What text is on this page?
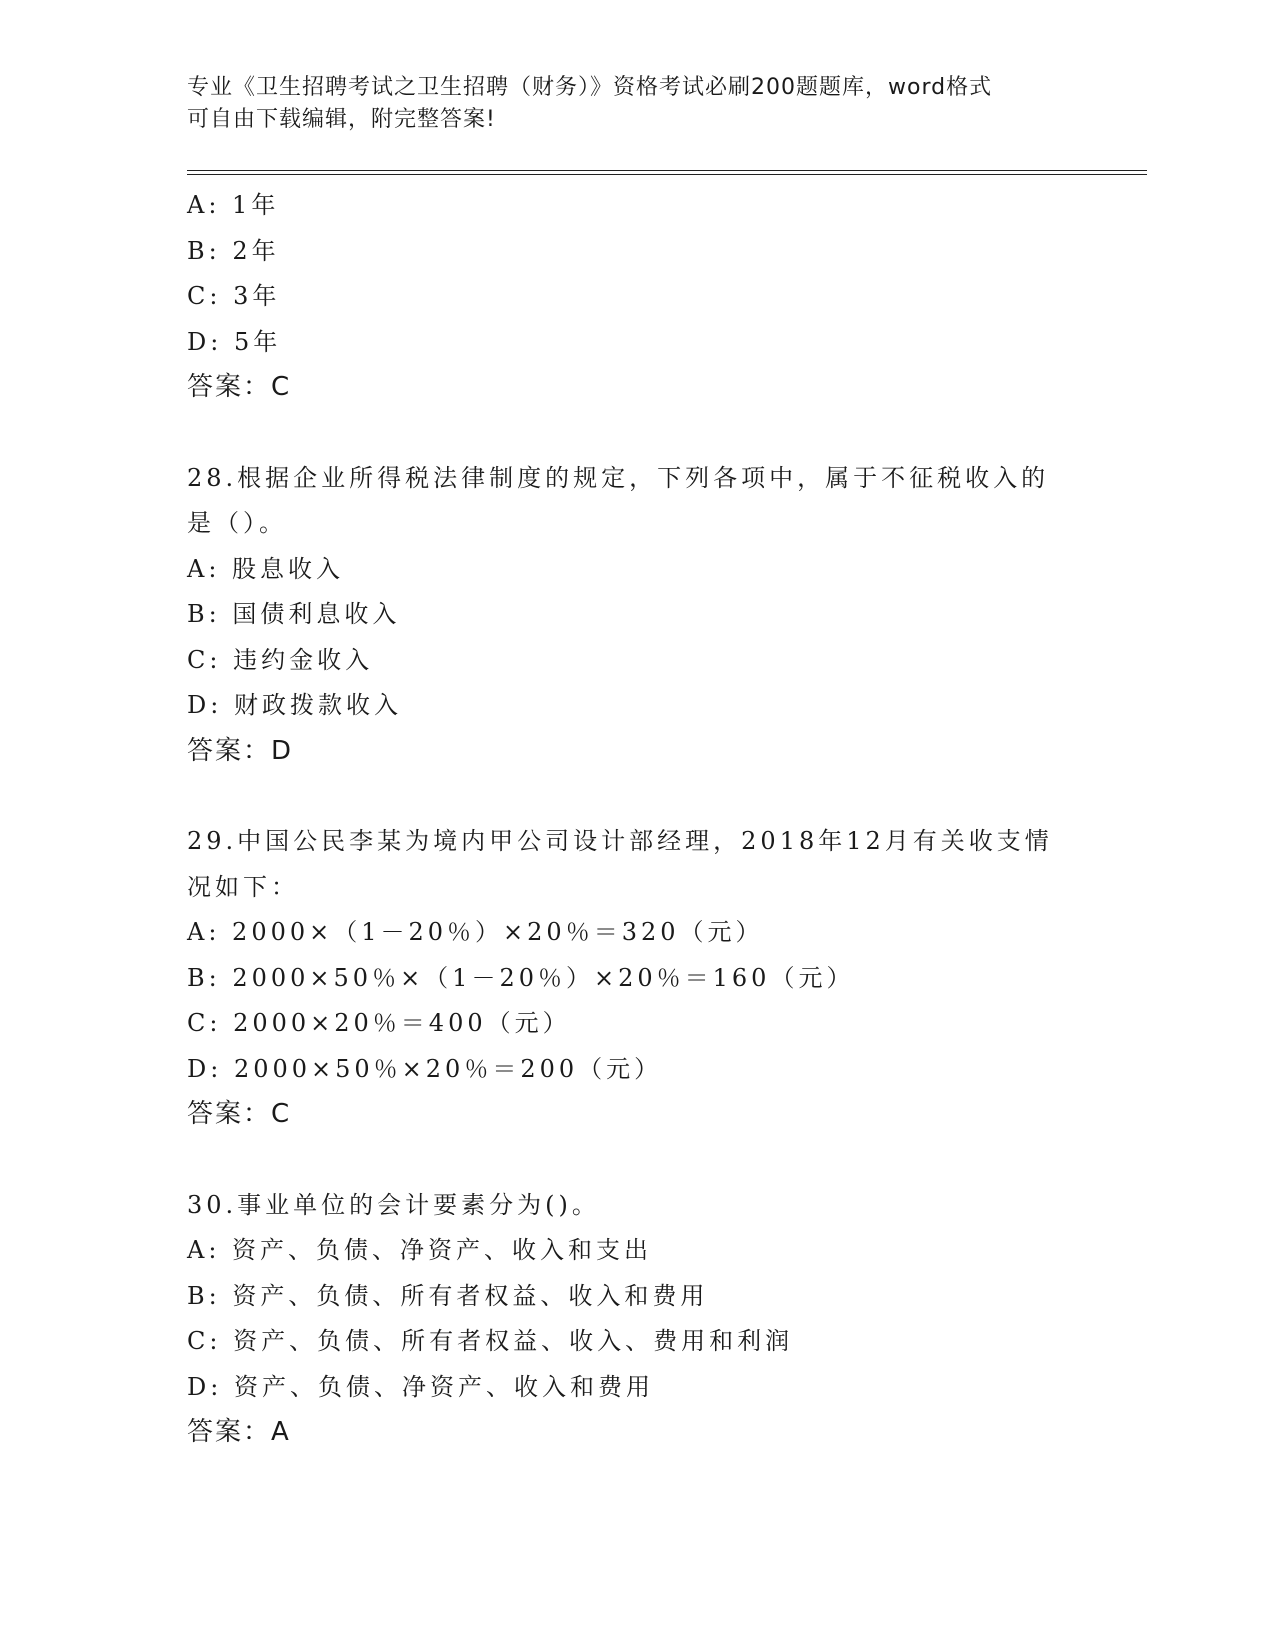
专业《卫生招聘考试之卫生招聘（财务）》资格考试必刷200题题库，word格式
可自由下载编辑，附完整答案!
A: 1年
B: 2年
C: 3年
D: 5年
答案：C
28.根据企业所得税法律制度的规定，下列各项中，属于不征税收入的
是（）。
A: 股息收入
B: 国债利息收入
C: 违约金收入
D: 财政拨款收入
答案：D
29.中国公民李某为境内甲公司设计部经理，2018年12月有关收支情
况如下：
A: 2000×（1－20％）×20％＝320（元）
B: 2000×50％×（1－20％）×20％＝160（元）
C: 2000×20％＝400（元）
D: 2000×50％×20％＝200（元）
答案：C
30.事业单位的会计要素分为()。
A: 资产、负债、净资产、收入和支出
B: 资产、负债、所有者权益、收入和费用
C: 资产、负债、所有者权益、收入、费用和利润
D: 资产、负债、净资产、收入和费用
答案：A
